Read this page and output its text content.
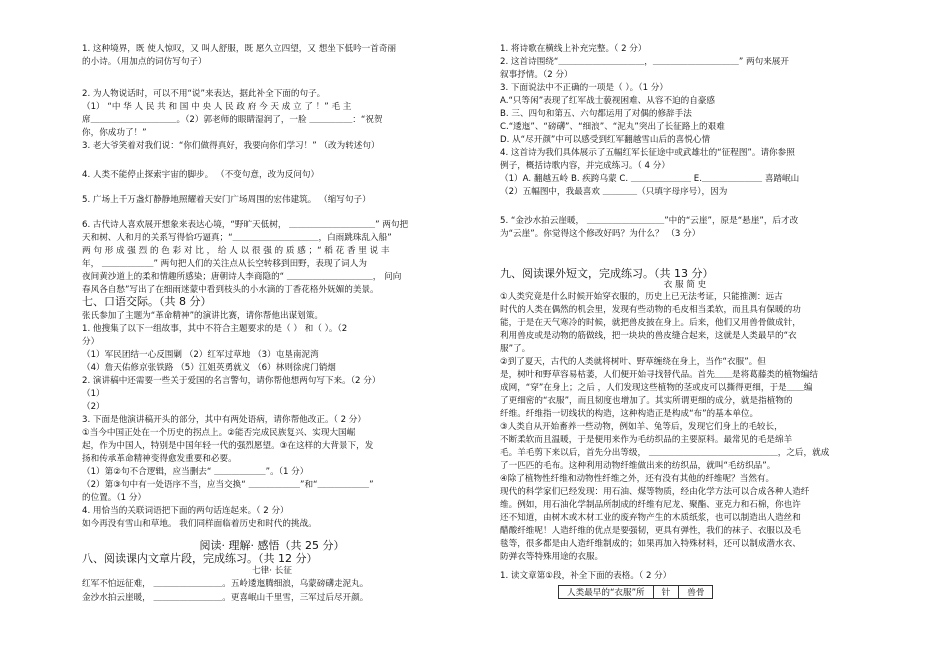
1. 这种境界，既 使人惊叹，又 叫人舒服，既 愿久立四望，又 想坐下低吟一首奇丽
的小诗。（用加点的词仿写句子）
2. 为人物说话时，可以不用“说”来表达，据此补全下面的句子。
（1） “中 华 人 民 共 和 国 中 央 人 民 政 府 今 天 成 立 了 ！” 毛 主
席＿＿＿＿＿＿＿＿＿＿。（2）郭老师的眼睛湿润了，一脸 ＿＿＿＿＿：“祝贺
你，你成功了！”
3. 老大爷笑着对我们说：“你们做得真好，我要向你们学习！” （改为转述句）
4. 人类不能停止探索宇宙的脚步。 （不变句意，改为反问句）
5. 广场上千万盏灯静静地照耀着天安门广场周围的宏伟建筑。 （缩写句子）
6. 古代诗人喜欢展开想象来表达心境，“野旷天低树， ＿＿＿＿＿＿＿＿＿＿” 两句把
天和树、人和月的关系写得恰巧逼真；“＿＿＿＿＿＿＿＿＿＿，白雨跳珠乱入船”
两 句 形 成 强 烈 的 色 彩 对 比 ， 给 人 以 很 强 的 质 感 ；“ 稻 花 香 里 说 丰
年， ＿＿＿＿＿＿” 两句把人们的关注点从长空转移到田野，表现了词人为
夜间黄沙道上的柔和情趣所感染；唐朝诗人李商隐的“ ＿＿＿＿＿＿＿＿＿＿， 问向
春风各自愁”写出了在细雨迷蒙中看到枝头的小水滴的丁香花格外妩媚的美景。
张氏参加了主题为“革命精神”的演讲比赛，请你帮他出谋划策。
1. 他搜集了以下一组故事，其中不符合主题要求的是（ ） 和（ ）。（2
分）
（1）军民团结一心反围剿 （2）红军过草地 （3）屯垦南泥湾
（4）詹天佑修京张铁路 （5）江姐英勇就义 （6）林则徐虎门销烟
2. 演讲稿中还需要一些关于爱国的名言警句，请你帮他想两句写下来。（2 分）
（1）
（2）
3. 下面是他演讲稿开头的部分，其中有两处语病，请你帮他改正。（ 2 分）
①当今中国正处在一个历史的拐点上。②能否完成民族复兴、实现大国崛
起，作为中国人，特别是中国年轻一代的强烈愿望。③在这样的大背景下，发
扬和传承革命精神变得愈发重要和必要。
（1）第②句不合逻辑，应当删去“ ＿＿＿＿＿＿”。（1 分）
（2）第③句中有一处语序不当，应当交换“ ＿＿＿＿＿＿”和“＿＿＿＿＿＿”
的位置。（1 分）
4. 用恰当的关联词语把下面的两句话连起来。（ 2 分）
如今再没有雪山和草地。 我们同样面临着历史和时代的挑战。
红军不怕远征难， ＿＿＿＿＿＿＿＿。五岭逶迤腾细浪，乌蒙磅礴走泥丸。
金沙水拍云崖暖， ＿＿＿＿＿＿＿＿。更喜岷山千里雪，三军过后尽开颜。
七、口语交际。（共 8 分）
阅读· 理解· 感悟（共 25 分）
八、阅读课内文章片段，完成练习。（共 12 分）
七律· 长征
1. 将诗歌在横线上补充完整。（ 2 分）
2. 这首诗围绕“＿＿＿＿＿＿＿＿＿＿，＿＿＿＿＿＿＿＿＿＿” 两句来展开
叙事抒情。（2 分）
3. 下面说法中不正确的一项是（ ）。（1 分）
A.“只等闲”表现了红军战士藐视困难、从容不迫的自豪感
B. 三、四句和第五、六句都运用了对偶的修辞手法
C.“逶迤”、“磅礴”、“细浪”、“泥丸”突出了长征路上的艰难
D. 从“尽开颜”中可以感受到红军翻越雪山后的喜悦心情
4. 这首诗为我们具体展示了五幅红军长征途中或武雄壮的“征程图”。请你参照
例子，概括诗歌内容，并完成练习。（ 4 分）
（1）A. 翻越五岭 B. 疾跨乌蒙 C. ＿＿＿＿＿＿＿ E.＿＿＿＿＿＿＿ 喜踏岷山
（2）五幅图中，我最喜欢 ＿＿＿＿（只填字母序号），因为
5. “金沙水拍云崖暖， ＿＿＿＿＿＿＿＿＿”中的“云崖”，原是“悬崖”，后才改
为“云崖”。你觉得这个修改好吗？为什么？ （3 分）
①人类究竟是什么时候开始穿衣服的，历史上已无法考证，只能推测：远古
时代的人类在偶然的机会里，发现有些动物的毛皮相当柔软，而且具有保暖的功
能，于是在天气寒冷的时候，就把兽皮披在身上。后来，他们又用兽骨做成针，
利用兽皮或是动物的筋做线，把一块块的兽皮缝合起来，这就是人类最早的“衣
服”了。
②到了夏天，古代的人类就将树叶、野草缠绕在身上，当作“衣服”。但
是，树叶和野草容易枯萎，人们便开始寻找替代品。首先＿＿是将葛藤类的植物编结
成网，“穿”在身上；之后 ，人们发现这些植物的茎或皮可以撕得更细，于是＿＿编
了更细密的“衣服”，而且韧度也增加了。其实所谓更细的成分，就是指植物的
纤维。纤维指一切线状的构造，这种构造正是构成“布”的基本单位。
③人类自从开始畜养一些动物，例如羊、兔等后，发现它们身上的毛较长，
不断柔软而且温暖，于是便用来作为毛纺织品的主要原料。最常见的毛是绵羊
毛。羊毛剪下来以后，首先分出等级， ＿＿＿＿＿＿＿＿＿＿＿＿＿＿＿，之后，就成
了一匹匹的毛布。这种利用动物纤维做出来的纺织品，就叫“毛纺织品”。
④除了植物性纤维和动物性纤维之外，还有没有其他的纤维呢？当然有。
现代的科学家们已经发现：用石油、煤等物质，经由化学方法可以合成各种人造纤
维。例如，用石油化学制品所制成的纤维有尼龙、聚酯、亚克力和石棉，你也许
还不知道，由树木或木材工业的废弃物产生的木质纸浆，也可以制造出人造丝和
醋酸纤维呢！人造纤维的优点是要强韧，更具有弹性，我们的袜子、衣服以及毛
毯等，很多都是由人造纤维制成的；如果再加入特殊材料，还可以制成潜水衣、
防弹衣等特殊用途的衣服。
1. 读文章第①段，补全下面的表格。（ 2 分）
九、阅读课外短文，完成练习。（共 13 分）
衣 服 简 史
人类最早的“衣服”所	针	兽骨
